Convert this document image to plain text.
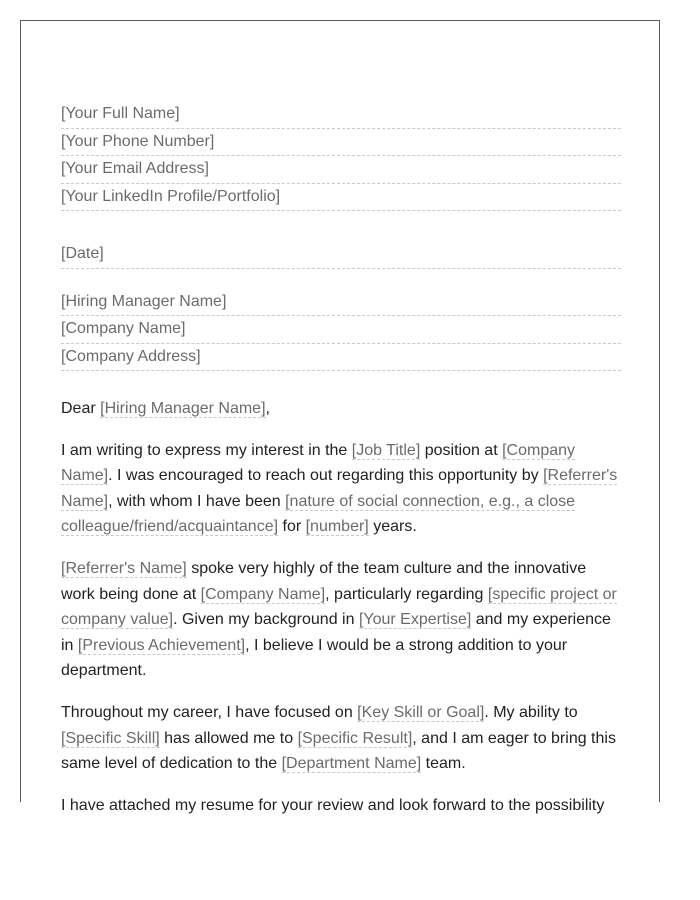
[Your Full Name]
[Your Phone Number]
[Your Email Address]
[Your LinkedIn Profile/Portfolio]
[Date]
[Hiring Manager Name]
[Company Name]
[Company Address]

Dear [Hiring Manager Name],

I am writing to express my interest in the [Job Title] position at [Company Name]. I was encouraged to reach out regarding this opportunity by [Referrer's Name], with whom I have been [nature of social connection, e.g., a close colleague/friend/acquaintance] for [number] years.

[Referrer's Name] spoke very highly of the team culture and the innovative work being done at [Company Name], particularly regarding [specific project or company value]. Given my background in [Your Expertise] and my experience in [Previous Achievement], I believe I would be a strong addition to your department.

Throughout my career, I have focused on [Key Skill or Goal]. My ability to [Specific Skill] has allowed me to [Specific Result], and I am eager to bring this same level of dedication to the [Department Name] team.

I have attached my resume for your review and look forward to the possibility
